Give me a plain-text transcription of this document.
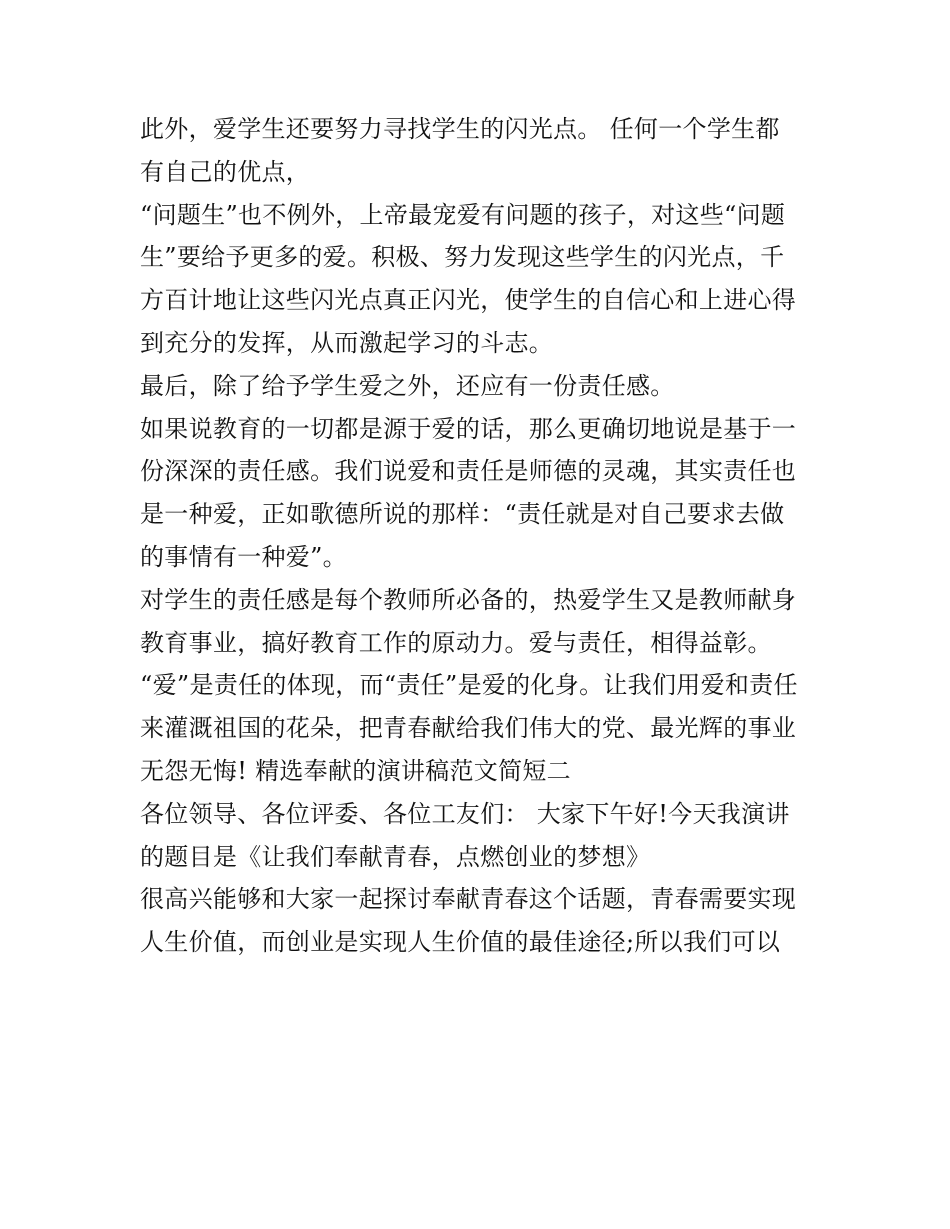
此外，爱学生还要努力寻找学生的闪光点。 任何一个学生都
有自己的优点，
“问题生”也不例外，上帝最宠爱有问题的孩子，对这些“问题
生”要给予更多的爱。积极、努力发现这些学生的闪光点，千
方百计地让这些闪光点真正闪光，使学生的自信心和上进心得
到充分的发挥，从而激起学习的斗志。
最后，除了给予学生爱之外，还应有一份责任感。
如果说教育的一切都是源于爱的话，那么更确切地说是基于一
份深深的责任感。我们说爱和责任是师德的灵魂，其实责任也
是一种爱，正如歌德所说的那样：“责任就是对自己要求去做
的事情有一种爱”。
对学生的责任感是每个教师所必备的，热爱学生又是教师献身
教育事业，搞好教育工作的原动力。爱与责任，相得益彰。
“爱”是责任的体现，而“责任”是爱的化身。让我们用爱和责任
来灌溉祖国的花朵，把青春献给我们伟大的党、最光辉的事业
无怨无悔! 精选奉献的演讲稿范文简短二
各位领导、各位评委、各位工友们： 大家下午好!今天我演讲
的题目是《让我们奉献青春，点燃创业的梦想》
很高兴能够和大家一起探讨奉献青春这个话题，青春需要实现
人生价值，而创业是实现人生价值的最佳途径;所以我们可以
